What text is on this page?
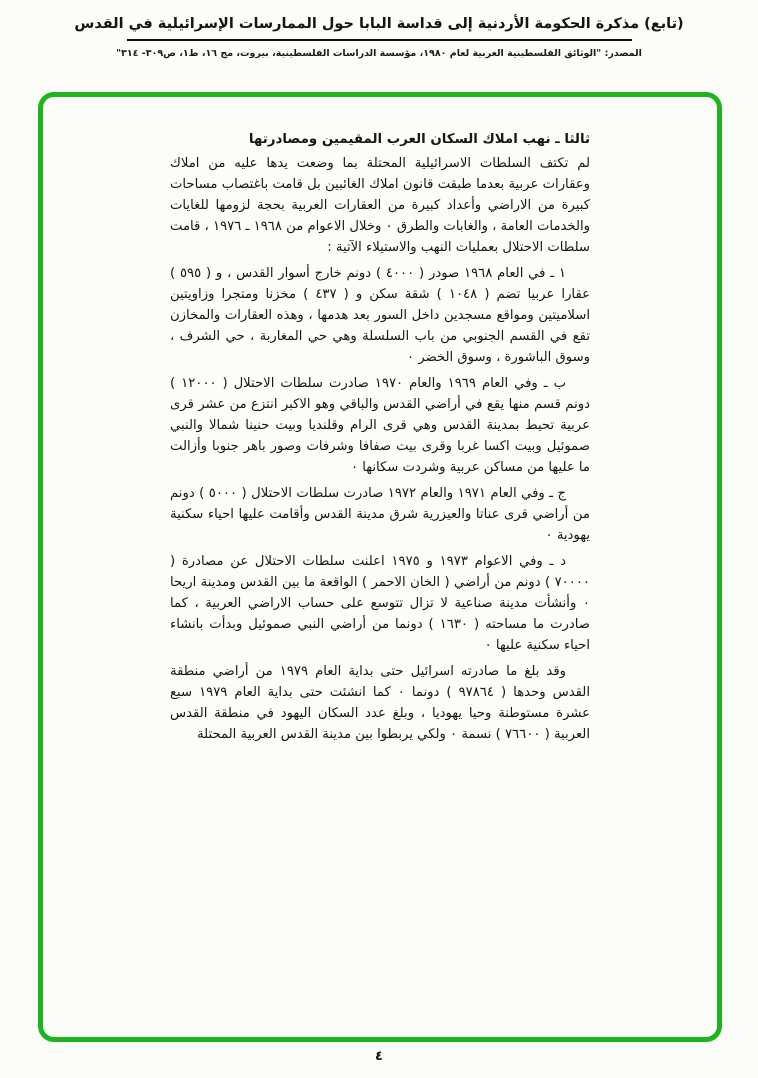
(تابع) مذكرة الحكومة الأردنية إلى قداسة البابا حول الممارسات الإسرائيلية في القدس

المصدر: "الوثائق الفلسطينية العربية لعام ١٩٨٠، مؤسسة الدراسات الفلسطينية، بيروت، مج ١٦، ط١، ص٣٠٩- ٣١٤"

ثالثا ـ نهب املاك السكان العرب المقيمين ومصادرتها

لم تكتف السلطات الاسرائيلية المحتلة بما وضعت يدها عليه من املاك وعقارات عربية بعدما طبقت قانون املاك الغائبين بل قامت باغتصاب مساحات كبيرة من الاراضي وأعداد كبيرة من العقارات العربية بحجة لزومها للغايات والخدمات العامة ، والغابات والطرق ٠ وخلال الاعوام من ١٩٦٨ ـ ١٩٧٦ ، قامت سلطات الاحتلال بعمليات النهب والاستيلاء الآتية :

١ ـ في العام ١٩٦٨ صودر ( ٤٠٠٠ ) دونم خارج أسوار القدس ، و ( ٥٩٥ ) عقارا عربيا تضم ( ١٠٤٨ ) شقة سكن و ( ٤٣٧ ) مخزنا ومتجرا وزاويتين اسلاميتين ومواقع مسجدين داخل السور بعد هدمها ، وهذه العقارات والمخازن تقع في القسم الجنوبي من باب السلسلة وهي حي المغاربة ، حي الشرف ، وسوق الباشورة ، وسوق الخضر ٠

ب ـ وفي العام ١٩٦٩ والعام ١٩٧٠ صادرت سلطات الاحتلال ( ١٢٠٠٠ ) دونم قسم منها يقع في أراضي القدس والباقي وهو الاكبر انتزع من عشر قرى عربية تحيط بمدينة القدس وهي قرى الرام وقلنديا وبيت حنينا شمالا والنبي صموئيل وبيت اكسا غربا وقرى بيت صفافا وشرفات وصور باهر جنوبا وأزالت ما عليها من مساكن عربية وشردت سكانها ٠

ج ـ وفي العام ١٩٧١ والعام ١٩٧٢ صادرت سلطات الاحتلال ( ٥٠٠٠ ) دونم من أراضي قرى عناتا والعيزرية شرق مدينة القدس وأقامت عليها احياء سكنية يهودية ٠

د ـ وفي الاعوام ١٩٧٣ و ١٩٧٥ اعلنت سلطات الاحتلال عن مصادرة ( ٧٠٠٠٠ ) دونم من أراضي ( الخان الاحمر ) الواقعة ما بين القدس ومدينة اريحا ٠ وأنشأت مدينة صناعية لا تزال تتوسع على حساب الاراضي العربية ، كما صادرت ما مساحته ( ١٦٣٠ ) دونما من أراضي النبي صموئيل وبدأت بانشاء احياء سكنية عليها ٠

وقد بلغ ما صادرته اسرائيل حتى بداية العام ١٩٧٩ من أراضي منطقة القدس وحدها ( ٩٧٨٦٤ ) دونما ٠ كما انشئت حتى بداية العام ١٩٧٩ سبع عشرة مستوطنة وحيا يهوديا ، وبلغ عدد السكان اليهود في منطقة القدس العربية ( ٧٦٦٠٠ ) نسمة ٠ ولكي يربطوا بين مدينة القدس العربية المحتلة

٤
